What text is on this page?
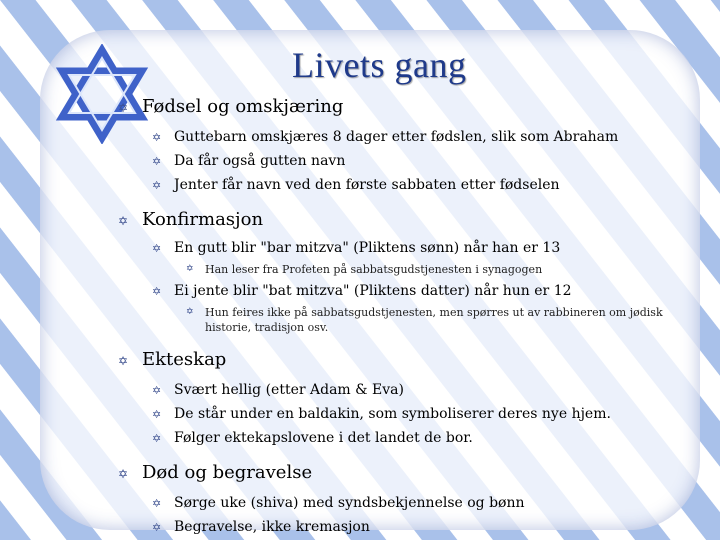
Livets gang
✡ Fødsel og omskjæring
✡ Guttebarn omskjæres 8 dager etter fødslen, slik som Abraham
✡ Da får også gutten navn
✡ Jenter får navn ved den første sabbaten etter fødselen
✡ Konfirmasjon
✡ En gutt blir "bar mitzva" (Pliktens sønn) når han er 13
✡ Han leser fra Profeten på sabbatsgudstjenesten i synagogen
✡ Ei jente blir "bat mitzva" (Pliktens datter) når hun er 12
✡ Hun feires ikke på sabbatsgudstjenesten, men spørres ut av rabbineren om jødisk historie, tradisjon osv.
✡ Ekteskap
✡ Svært hellig (etter Adam & Eva)
✡ De står under en baldakin, som symboliserer deres nye hjem.
✡ Følger ektekapslovene i det landet de bor.
✡ Død og begravelse
✡ Sørge uke (shiva) med syndsbekjennelse og bønn
✡ Begravelse, ikke kremasjon
